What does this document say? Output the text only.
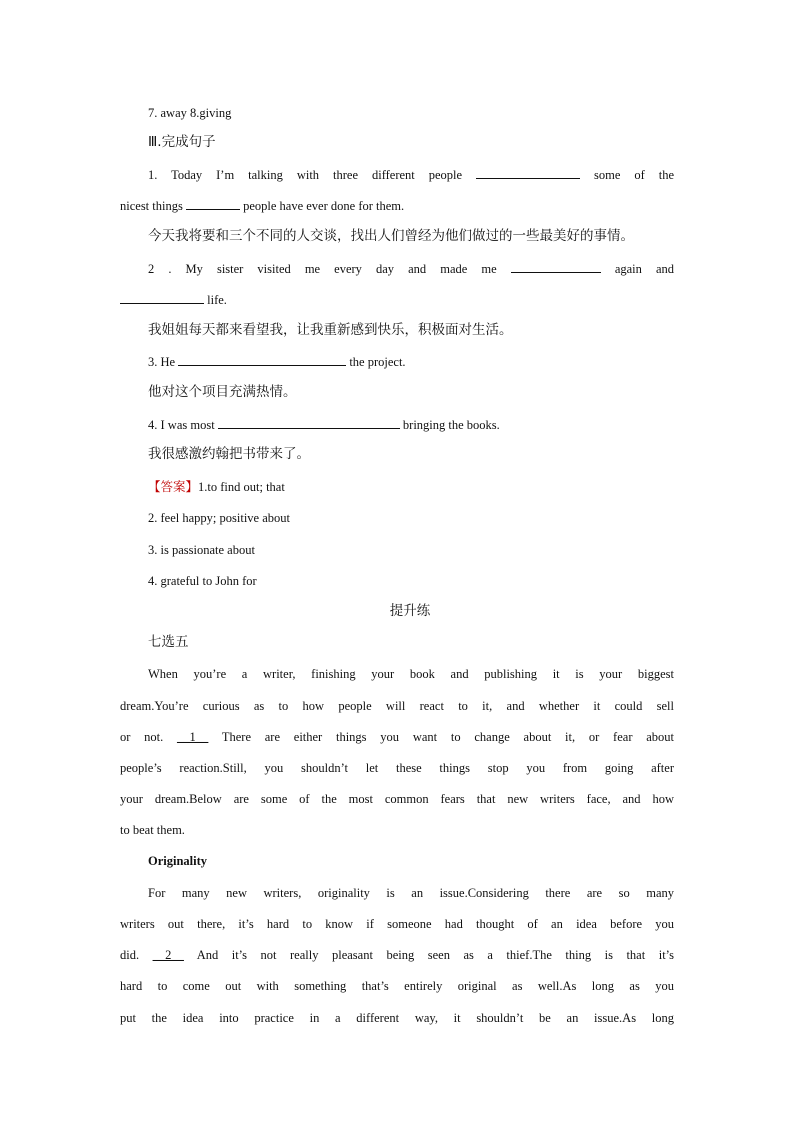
7. away 8.giving
Ⅲ.完成句子
1. Today I’m talking with three different people	some of the
nicest things	people have ever done for them.
今天我将要和三个不同的人交谈，找出人们曾经为他们做过的一些最美好的事情。
2 . My sister visited me every day and made me	again and
life.
我姐姐每天都来看望我，让我重新感到快乐，积极面对生活。
3. He	the project.
他对这个项目充满热情。
4. I was most	bringing the books.
我很感激约翰把书带来了。
【答案】1.to find out; that
2. feel happy; positive about
3. is passionate about
4. grateful to John for
提升练
七选五
When you’re a writer, finishing your book and publishing it is your biggest
dream.You’re curious as to how people will react to it, and whether it could sell
or not. __1__ There are either things you want to change about it, or fear about
people’s reaction.Still, you shouldn’t let these things stop you from going after
your dream.Below are some of the most common fears that new writers face, and how
to beat them.
Originality
For many new writers, originality is an issue.Considering there are so many
writers out there, it’s hard to know if someone had thought of an idea before you
did. __2__ And it’s not really pleasant being seen as a thief.The thing is that it’s
hard to come out with something that’s entirely original as well.As long as you
put the idea into practice in a different way, it shouldn’t be an issue.As long
